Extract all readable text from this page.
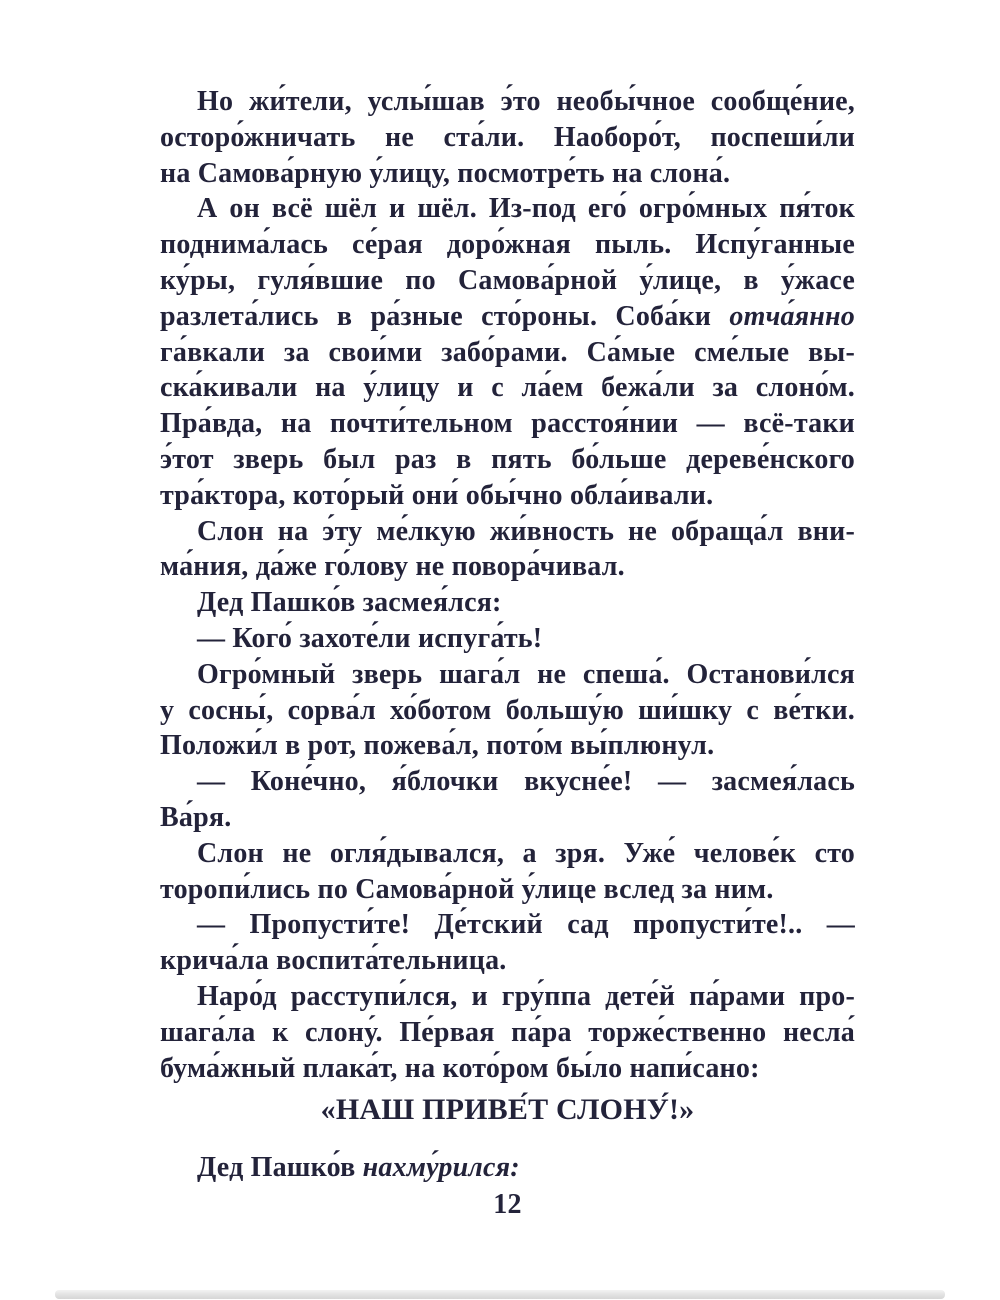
Но жи́тели, услы́шав э́то необы́чное сообще́ние,
осторо́жничать не ста́ли. Наоборо́т, поспеши́ли
на Самова́рную у́лицу, посмотре́ть на слона́.
А он всё шёл и шёл. Из-под его́ огро́мных пя́ток
поднима́лась се́рая доро́жная пыль. Испу́ганные
ку́ры, гуля́вшие по Самова́рной у́лице, в у́жасе
разлета́лись в ра́зные сто́роны. Соба́ки отча́янно
га́вкали за свои́ми забо́рами. Са́мые сме́лые вы-
ска́кивали на у́лицу и с ла́ем бежа́ли за слоно́м.
Пра́вда, на почти́тельном расстоя́нии — всё-таки
э́тот зверь был раз в пять бо́льше дереве́нского
тра́ктора, кото́рый они́ обы́чно обла́ивали.
Слон на э́ту ме́лкую жи́вность не обраща́л вни-
ма́ния, да́же го́лову не повора́чивал.
Дед Пашко́в засмея́лся:
— Кого́ захоте́ли испуга́ть!
Огро́мный зверь шага́л не спеша́. Останови́лся
у сосны́, сорва́л хо́ботом большу́ю ши́шку с ве́тки.
Положи́л в рот, пожева́л, пото́м вы́плюнул.
— Коне́чно, я́блочки вкусне́е! — засмея́лась
Ва́ря.
Слон не огля́дывался, а зря. Уже́ челове́к сто
торопи́лись по Самова́рной у́лице вслед за ним.
— Пропусти́те! Де́тский сад пропусти́те!.. —
крича́ла воспита́тельница.
Наро́д расступи́лся, и гру́ппа дете́й па́рами про-
шага́ла к слону́. Пе́рвая па́ра торже́ственно несла́
бума́жный плака́т, на кото́ром бы́ло напи́сано:
«НАШ ПРИВЕ́Т СЛОНУ́!»
Дед Пашко́в нахму́рился:
12
